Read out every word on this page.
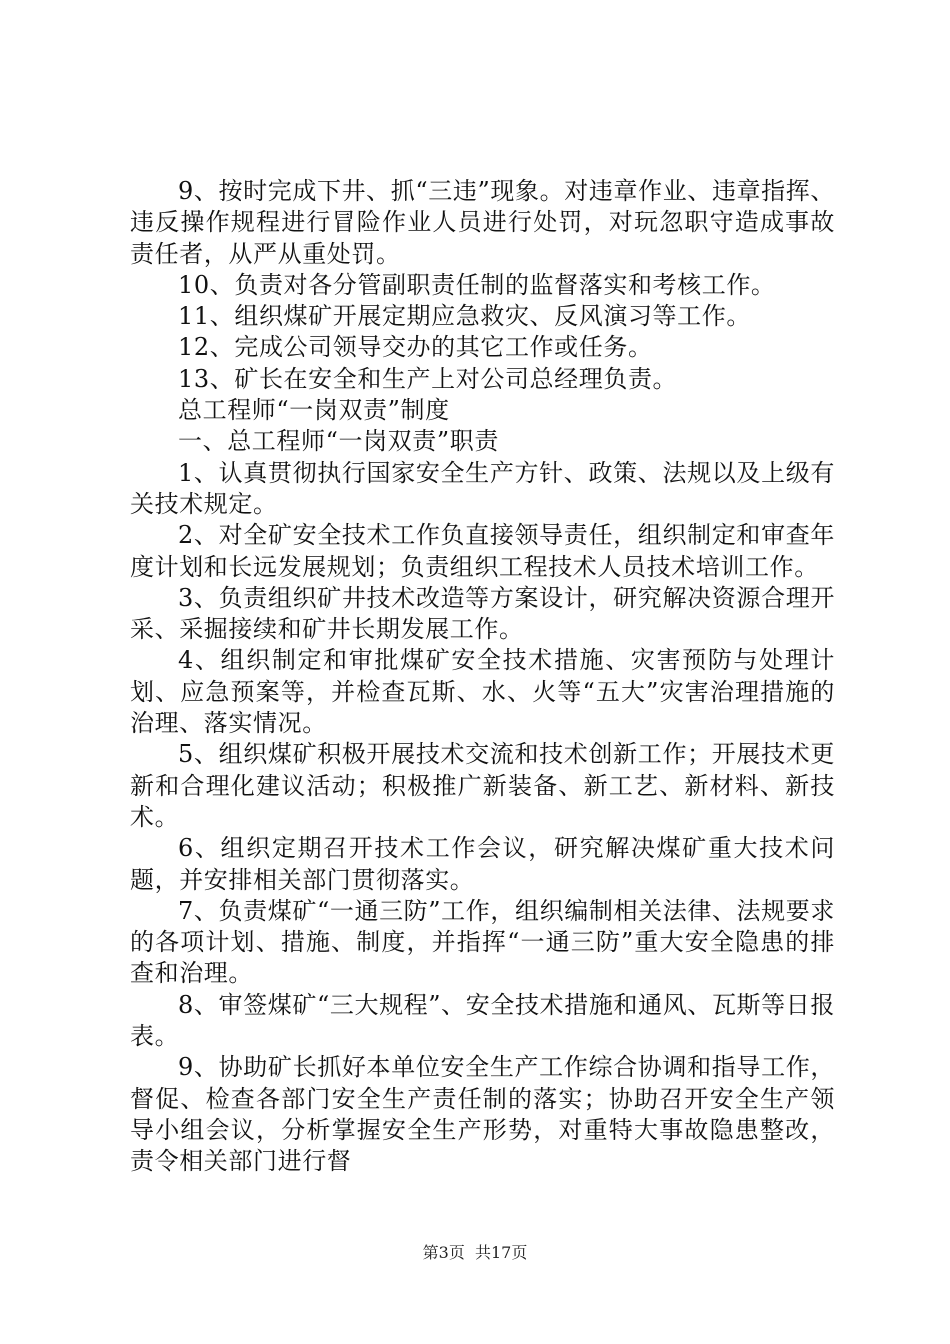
9、按时完成下井、抓“三违”现象。对违章作业、违章指挥、违反操作规程进行冒险作业人员进行处罚，对玩忽职守造成事故责任者，从严从重处罚。

10、负责对各分管副职责任制的监督落实和考核工作。

11、组织煤矿开展定期应急救灾、反风演习等工作。

12、完成公司领导交办的其它工作或任务。

13、矿长在安全和生产上对公司总经理负责。

总工程师“一岗双责”制度

一、总工程师“一岗双责”职责

1、认真贯彻执行国家安全生产方针、政策、法规以及上级有关技术规定。

2、对全矿安全技术工作负直接领导责任，组织制定和审查年度计划和长远发展规划；负责组织工程技术人员技术培训工作。

3、负责组织矿井技术改造等方案设计，研究解决资源合理开采、采掘接续和矿井长期发展工作。

4、组织制定和审批煤矿安全技术措施、灾害预防与处理计划、应急预案等，并检查瓦斯、水、火等“五大”灾害治理措施的治理、落实情况。

5、组织煤矿积极开展技术交流和技术创新工作；开展技术更新和合理化建议活动；积极推广新装备、新工艺、新材料、新技术。

6、组织定期召开技术工作会议，研究解决煤矿重大技术问题，并安排相关部门贯彻落实。

7、负责煤矿“一通三防”工作，组织编制相关法律、法规要求的各项计划、措施、制度，并指挥“一通三防”重大安全隐患的排查和治理。

8、审签煤矿“三大规程”、安全技术措施和通风、瓦斯等日报表。

9、协助矿长抓好本单位安全生产工作综合协调和指导工作，督促、检查各部门安全生产责任制的落实；协助召开安全生产领导小组会议，分析掌握安全生产形势，对重特大事故隐患整改，责令相关部门进行督

第3页  共17页
